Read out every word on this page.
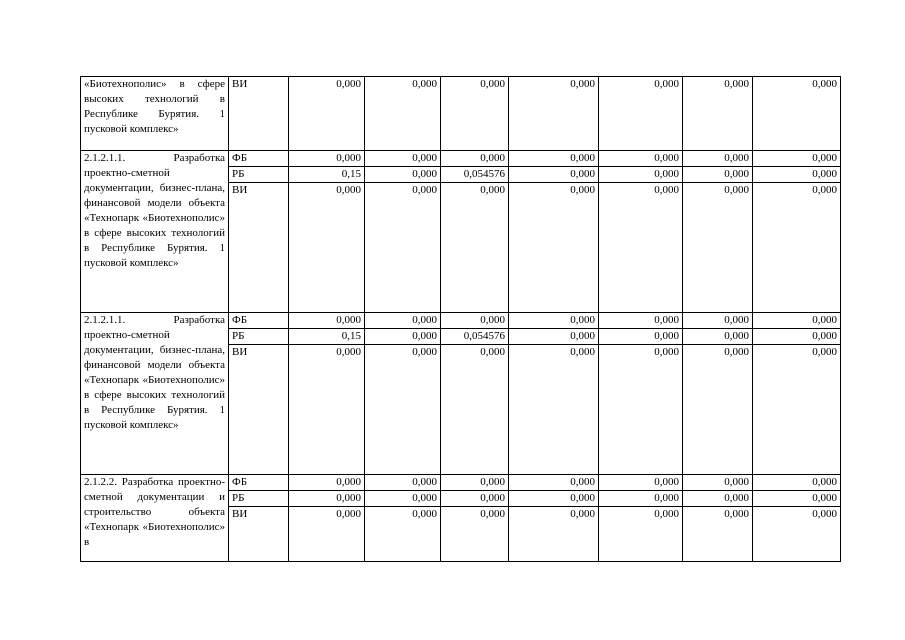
«Биотехнополис» в сфере высоких технологий в Республике Бурятия. 1 пусковой комплекс»	ВИ	0,000	0,000	0,000	0,000	0,000	0,000	0,000

2.1.2.1.1. Разработка проектно-сметной документации, бизнес-плана, финансовой модели объекта «Технопарк «Биотехнополис» в сфере высоких технологий в Республике Бурятия. 1 пусковой комплекс»	ФБ	0,000	0,000	0,000	0,000	0,000	0,000	0,000
	РБ	0,15	0,000	0,054576	0,000	0,000	0,000	0,000
	ВИ	0,000	0,000	0,000	0,000	0,000	0,000	0,000

2.1.2.1.1. Разработка проектно-сметной документации, бизнес-плана, финансовой модели объекта «Технопарк «Биотехнополис» в сфере высоких технологий в Республике Бурятия. 1 пусковой комплекс»	ФБ	0,000	0,000	0,000	0,000	0,000	0,000	0,000
	РБ	0,15	0,000	0,054576	0,000	0,000	0,000	0,000
	ВИ	0,000	0,000	0,000	0,000	0,000	0,000	0,000

2.1.2.2. Разработка проектно-сметной документации и строительство объекта «Технопарк «Биотехнополис» в	ФБ	0,000	0,000	0,000	0,000	0,000	0,000	0,000
	РБ	0,000	0,000	0,000	0,000	0,000	0,000	0,000
	ВИ	0,000	0,000	0,000	0,000	0,000	0,000	0,000
